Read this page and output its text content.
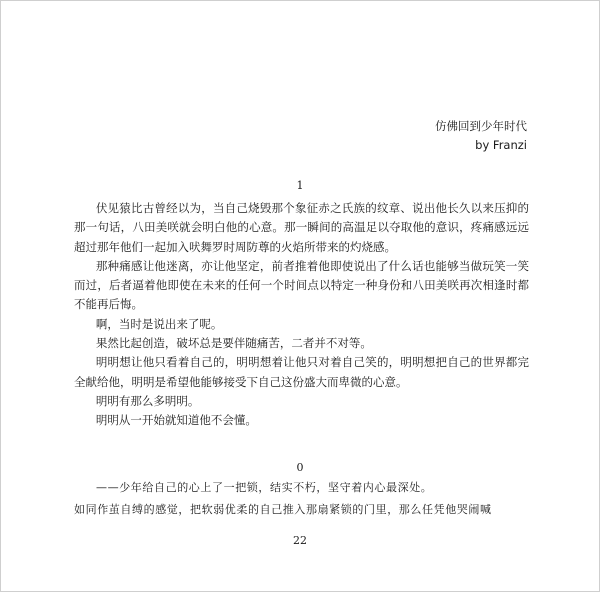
仿佛回到少年时代
by Franzi
1

伏见猿比古曾经以为，当自己烧毁那个象征赤之氏族的纹章、说出他长久以来压抑的那一句话，八田美咲就会明白他的心意。那一瞬间的高温足以夺取他的意识，疼痛感远远超过那年他们一起加入吠舞罗时周防尊的火焰所带来的灼烧感。

那种痛感让他迷离，亦让他坚定，前者推着他即使说出了什么话也能够当做玩笑一笑而过，后者逼着他即使在未来的任何一个时间点以特定一种身份和八田美咲再次相逢时都不能再后悔。

啊，当时是说出来了呢。

果然比起创造，破坏总是要伴随痛苦，二者并不对等。

明明想让他只看着自己的，明明想着让他只对着自己笑的，明明想把自己的世界都完全献给他，明明是希望他能够接受下自己这份盛大而卑微的心意。

明明有那么多明明。

明明从一开始就知道他不会懂。

0

——少年给自己的心上了一把锁，结实不朽，坚守着内心最深处。

如同作茧自缚的感觉，把软弱优柔的自己推入那扇紧锁的门里，那么任凭他哭闹喊

22
